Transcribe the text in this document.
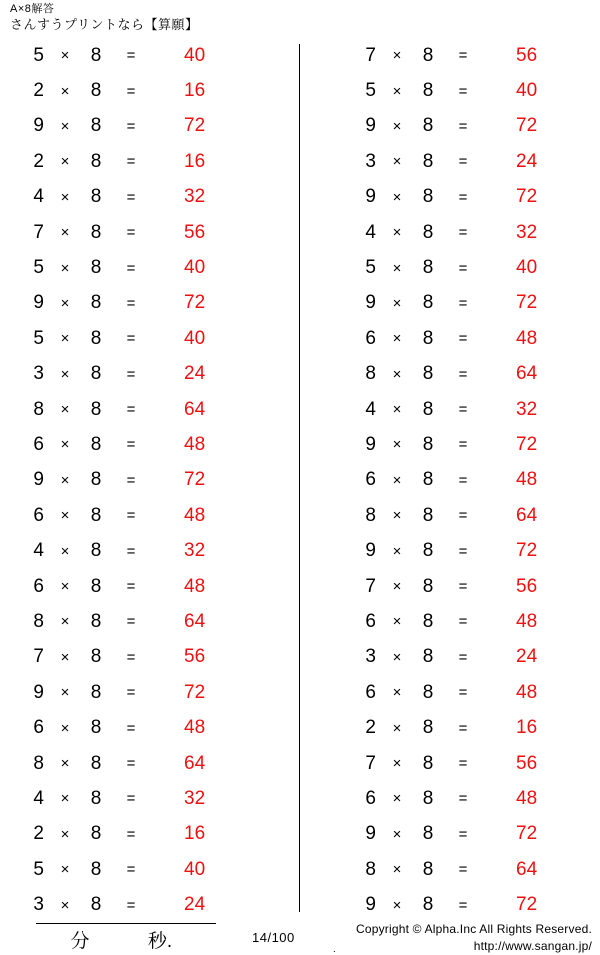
A×8解答
さんすうプリントなら【算願】
5	×	8	=	40
2	×	8	=	16
9	×	8	=	72
2	×	8	=	16
4	×	8	=	32
7	×	8	=	56
5	×	8	=	40
9	×	8	=	72
5	×	8	=	40
3	×	8	=	24
8	×	8	=	64
6	×	8	=	48
9	×	8	=	72
6	×	8	=	48
4	×	8	=	32
6	×	8	=	48
8	×	8	=	64
7	×	8	=	56
9	×	8	=	72
6	×	8	=	48
8	×	8	=	64
4	×	8	=	32
2	×	8	=	16
5	×	8	=	40
3	×	8	=	24
7	×	8	=	56
5	×	8	=	40
9	×	8	=	72
3	×	8	=	24
9	×	8	=	72
4	×	8	=	32
5	×	8	=	40
9	×	8	=	72
6	×	8	=	48
8	×	8	=	64
4	×	8	=	32
9	×	8	=	72
6	×	8	=	48
8	×	8	=	64
9	×	8	=	72
7	×	8	=	56
6	×	8	=	48
3	×	8	=	24
6	×	8	=	48
2	×	8	=	16
7	×	8	=	56
6	×	8	=	48
9	×	8	=	72
8	×	8	=	64
9	×	8	=	72
分	秒.	14/100
.
Copyright © Alpha.Inc All Rights Reserved.
http://www.sangan.jp/
